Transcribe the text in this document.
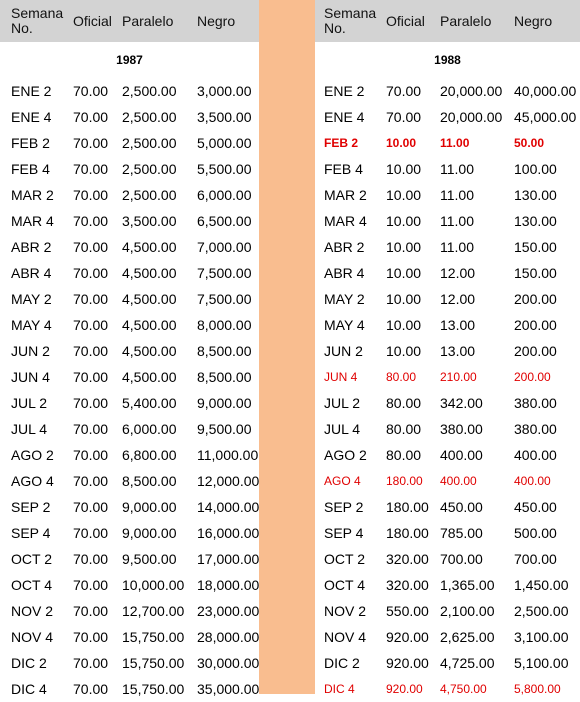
Semana No.	Oficial Paralelo Negro
1987
ENE 2 70.00 2,500.00 3,000.00
ENE 4 70.00 2,500.00 3,500.00
FEB 2 70.00 2,500.00 5,000.00
FEB 4 70.00 2,500.00 5,500.00
MAR 2 70.00 2,500.00 6,000.00
MAR 4 70.00 3,500.00 6,500.00
ABR 2 70.00 4,500.00 7,000.00
ABR 4 70.00 4,500.00 7,500.00
MAY 2 70.00 4,500.00 7,500.00
MAY 4 70.00 4,500.00 8,000.00
JUN 2 70.00 4,500.00 8,500.00
JUN 4 70.00 4,500.00 8,500.00
JUL 2 70.00 5,400.00 9,000.00
JUL 4 70.00 6,000.00 9,500.00
AGO 2 70.00 6,800.00 11,000.00
AGO 4 70.00 8,500.00 12,000.00
SEP 2 70.00 9,000.00 14,000.00
SEP 4 70.00 9,000.00 16,000.00
OCT 2 70.00 9,500.00 17,000.00
OCT 4 70.00 10,000.00 18,000.00
NOV 2 70.00 12,700.00 23,000.00
NOV 4 70.00 15,750.00 28,000.00
DIC 2 70.00 15,750.00 30,000.00
DIC 4 70.00 15,750.00 35,000.00
Semana No.	Oficial Paralelo Negro
1988
ENE 2 70.00 20,000.00 40,000.00
ENE 4 70.00 20,000.00 45,000.00
FEB 2 10.00 11.00	50.00
FEB 4 10.00 11.00	100.00
MAR 2 10.00 11.00	130.00
MAR 4 10.00 11.00	130.00
ABR 2 10.00 11.00	150.00
ABR 4 10.00 12.00	150.00
MAY 2 10.00 12.00	200.00
MAY 4 10.00 13.00	200.00
JUN 2 10.00 13.00	200.00
JUN 4 80.00 210.00	200.00
JUL 2 80.00 342.00 380.00
JUL 4 80.00 380.00 380.00
AGO 2 80.00 400.00 400.00
AGO 4 180.00 400.00	400.00
SEP 2 180.00 450.00 450.00
SEP 4 180.00 785.00 500.00
OCT 2 320.00 700.00 700.00
OCT 4 320.00 1,365.00 1,450.00
NOV 2 550.00 2,100.00 2,500.00
NOV 4 920.00 2,625.00 3,100.00
DIC 2 920.00 4,725.00 5,100.00
DIC 4	920.00 4,750.00 5,800.00
